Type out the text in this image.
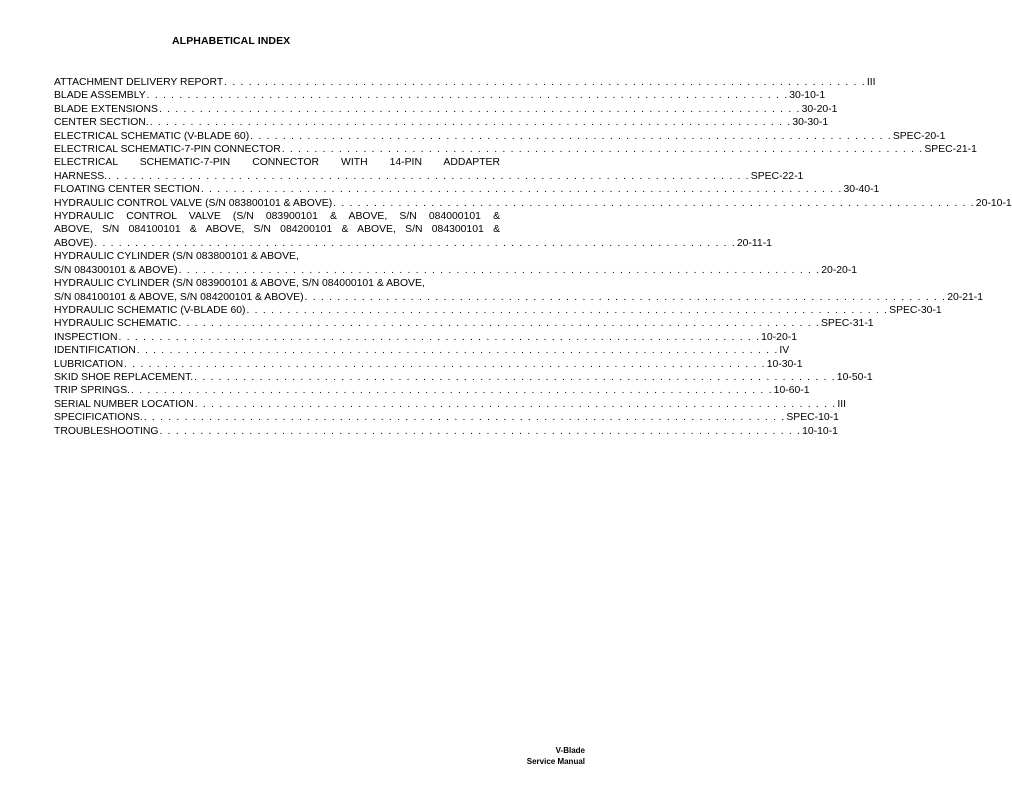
ALPHABETICAL INDEX
ATTACHMENT DELIVERY REPORT . . . . . . . . . . . . . . . . . . . . . . . . . . . . . . . . . . . . . . . . . . . . . . . . . . . . . . . . . . . . . . . . . . . . . . . . . . . . . . . III
BLADE ASSEMBLY . . . . . . . . . . . . . . . . . . . . . . . . . . . . . . . . . . . . . . . . . . . . . . . . . . . . . . . . . . . . . . . . . . . . . . . . . . . . . . . 30-10-1
BLADE EXTENSIONS . . . . . . . . . . . . . . . . . . . . . . . . . . . . . . . . . . . . . . . . . . . . . . . . . . . . . . . . . . . . . . . . . . . . . . . . . . . . . . . 30-20-1
CENTER SECTION. . . . . . . . . . . . . . . . . . . . . . . . . . . . . . . . . . . . . . . . . . . . . . . . . . . . . . . . . . . . . . . . . . . . . . . . . . . . . . . . 30-30-1
ELECTRICAL SCHEMATIC (V-BLADE 60) . . . . . . . . . . . . . . . . . . . . . . . . . . . . . . . . . . . . . . . . . . . . . . . . . . . . . . . . . . . . . . . . . . . . . . . . . . . . . . . SPEC-20-1
ELECTRICAL SCHEMATIC-7-PIN CONNECTOR . . . . . . . . . . . . . . . . . . . . . . . . . . . . . . . . . . . . . . . . . . . . . . . . . . . . . . . . . . . . . . . . . . . . . . . . . . . . . . . SPEC-21-1
ELECTRICAL SCHEMATIC-7-PIN CONNECTOR WITH 14-PIN ADDAPTER
HARNESS. . . . . . . . . . . . . . . . . . . . . . . . . . . . . . . . . . . . . . . . . . . . . . . . . . . . . . . . . . . . . . . . . . . . . . . . . . . . . . . . SPEC-22-1
FLOATING CENTER SECTION . . . . . . . . . . . . . . . . . . . . . . . . . . . . . . . . . . . . . . . . . . . . . . . . . . . . . . . . . . . . . . . . . . . . . . . . . . . . . . . 30-40-1
HYDRAULIC CONTROL VALVE (S/N 083800101 & ABOVE) . . . . . . . . . . . . . . . . . . . . . . . . . . . . . . . . . . . . . . . . . . . . . . . . . . . . . . . . . . . . . . . . . . . . . . . . . . . . . . . 20-10-1
HYDRAULIC CONTROL VALVE (S/N 083900101 & ABOVE, S/N 084000101 &
ABOVE, S/N 084100101 & ABOVE, S/N 084200101 & ABOVE, S/N 084300101 &
ABOVE) . . . . . . . . . . . . . . . . . . . . . . . . . . . . . . . . . . . . . . . . . . . . . . . . . . . . . . . . . . . . . . . . . . . . . . . . . . . . . . . 20-11-1
HYDRAULIC CYLINDER (S/N 083800101 & ABOVE,
S/N 084300101 & ABOVE) . . . . . . . . . . . . . . . . . . . . . . . . . . . . . . . . . . . . . . . . . . . . . . . . . . . . . . . . . . . . . . . . . . . . . . . . . . . . . . . 20-20-1
HYDRAULIC CYLINDER (S/N 083900101 & ABOVE, S/N 084000101 & ABOVE,
S/N 084100101 & ABOVE, S/N 084200101 & ABOVE) . . . . . . . . . . . . . . . . . . . . . . . . . . . . . . . . . . . . . . . . . . . . . . . . . . . . . . . . . . . . . . . . . . . . . . . . . . . . . . . 20-21-1
HYDRAULIC SCHEMATIC (V-BLADE 60) . . . . . . . . . . . . . . . . . . . . . . . . . . . . . . . . . . . . . . . . . . . . . . . . . . . . . . . . . . . . . . . . . . . . . . . . . . . . . . . SPEC-30-1
HYDRAULIC SCHEMATIC . . . . . . . . . . . . . . . . . . . . . . . . . . . . . . . . . . . . . . . . . . . . . . . . . . . . . . . . . . . . . . . . . . . . . . . . . . . . . . . SPEC-31-1
INSPECTION . . . . . . . . . . . . . . . . . . . . . . . . . . . . . . . . . . . . . . . . . . . . . . . . . . . . . . . . . . . . . . . . . . . . . . . . . . . . . . . 10-20-1
IDENTIFICATION . . . . . . . . . . . . . . . . . . . . . . . . . . . . . . . . . . . . . . . . . . . . . . . . . . . . . . . . . . . . . . . . . . . . . . . . . . . . . . . IV
LUBRICATION . . . . . . . . . . . . . . . . . . . . . . . . . . . . . . . . . . . . . . . . . . . . . . . . . . . . . . . . . . . . . . . . . . . . . . . . . . . . . . . 10-30-1
SKID SHOE REPLACEMENT. . . . . . . . . . . . . . . . . . . . . . . . . . . . . . . . . . . . . . . . . . . . . . . . . . . . . . . . . . . . . . . . . . . . . . . . . . . . . . . . 10-50-1
TRIP SPRINGS. . . . . . . . . . . . . . . . . . . . . . . . . . . . . . . . . . . . . . . . . . . . . . . . . . . . . . . . . . . . . . . . . . . . . . . . . . . . . . . . 10-60-1
SERIAL NUMBER LOCATION . . . . . . . . . . . . . . . . . . . . . . . . . . . . . . . . . . . . . . . . . . . . . . . . . . . . . . . . . . . . . . . . . . . . . . . . . . . . . . . III
SPECIFICATIONS. . . . . . . . . . . . . . . . . . . . . . . . . . . . . . . . . . . . . . . . . . . . . . . . . . . . . . . . . . . . . . . . . . . . . . . . . . . . . . . . SPEC-10-1
TROUBLESHOOTING . . . . . . . . . . . . . . . . . . . . . . . . . . . . . . . . . . . . . . . . . . . . . . . . . . . . . . . . . . . . . . . . . . . . . . . . . . . . . . . 10-10-1
V-Blade
Service Manual
